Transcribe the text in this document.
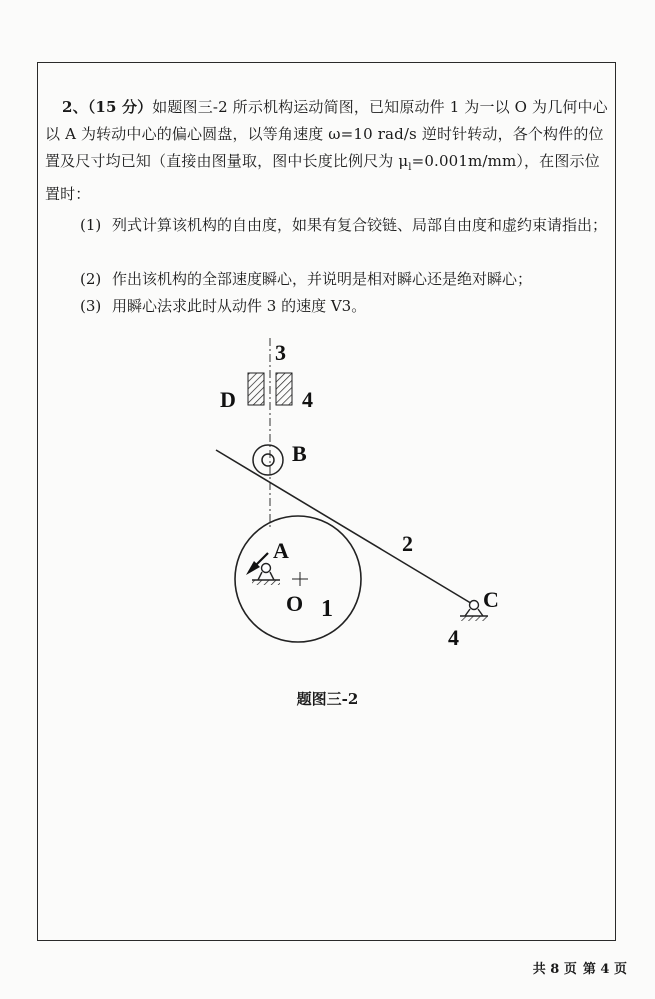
2、（15 分）如题图三-2 所示机构运动简图，已知原动件 1 为一以 O 为几何中心以 A 为转动中心的偏心圆盘，以等角速度 ω=10 rad/s 逆时针转动，各个构件的位置及尺寸均已知（直接由图量取，图中长度比例尺为 $\mu_l=0.001m/mm$），在图示位置时：
(1) 列式计算该机构的自由度，如果有复合铰链、局部自由度和虚约束请指出；
(2) 作出该机构的全部速度瞬心，并说明是相对瞬心还是绝对瞬心；
(3) 用瞬心法求此时从动件 3 的速度 V3。
3
D	4
B
2
A
O 1	C
4
题图三-2
共 8 页 第 4 页
